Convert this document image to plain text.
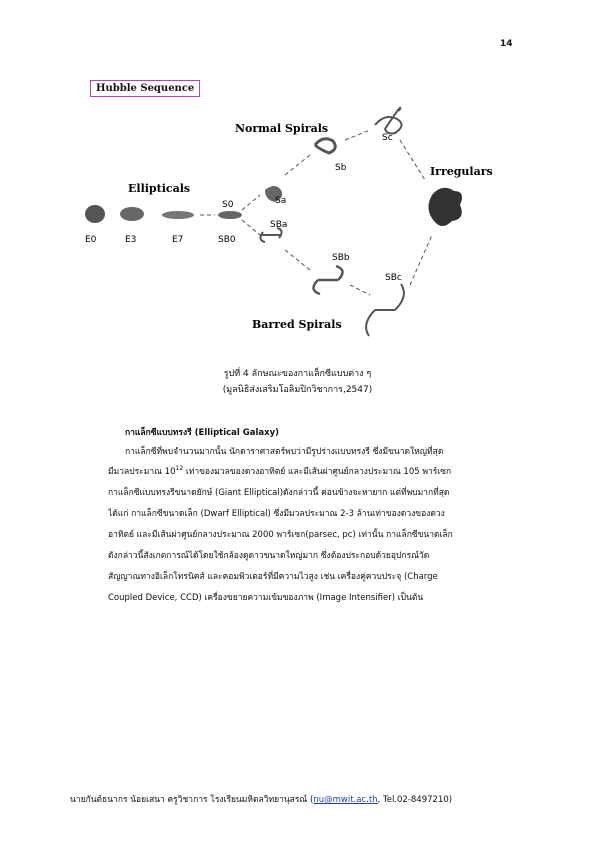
14
Hubble Sequence
Ellipticals
Normal Spirals
Barred Spirals
Irregulars
E0	E3	E7
S0
SB0
Sa
Sb
Sc
SBa
SBb
SBc
รูปที่ 4 ลักษณะของกาแล็กซีแบบต่าง ๆ
(มูลนิธิส่งเสริมโอลิมปิกวิชาการ,2547)
กาแล็กซีแบบทรงรี (Elliptical Galaxy)
กาแล็กซีที่พบจำนวนมากนั้น นักดาราศาสตร์พบว่ามีรูปร่างแบบทรงรี ซึ่งมีขนาดใหญ่ที่สุด
มีมวลประมาณ $10^{12}$ เท่าของมวลของดวงอาทิตย์ และมีเส้นผ่าศูนย์กลางประมาณ 105 พาร์เซก
กาแล็กซีแบบทรงรีขนาดยักษ์ (Giant Elliptical)ดังกล่าวนี้ ค่อนข้างจะหายาก แต่ที่พบมากที่สุด
ได้แก่ กาแล็กซีขนาดเล็ก (Dwarf Elliptical) ซึ่งมีมวลประมาณ 2-3 ล้านเท่าของดวงของดวง
อาทิตย์ และมีเส้นผ่าศูนย์กลางประมาณ 2000 พาร์เซก(parsec, pc) เท่านั้น กาแล็กซีขนาดเล็ก
ดังกล่าวนี้สังเกตการณ์ได้โดยใช้กล้องดูดาวขนาดใหญ่มาก ซึ่งต้องประกอบด้วยอุปกรณ์วัด
สัญญาณทางอิเล็กโทรนิคส์ และคอมพิวเตอร์ที่มีความไวสูง เช่น เครื่องคู่ควบประจุ (Charge
Coupled Device, CCD) เครื่องขยายความเข้มของภาพ (Image Intensifier) เป็นต้น
นายกันต์ธนากร น้อยเสนา ครูวิชาการ โรงเรียนมหิดลวิทยานุสรณ์ (nu@mwit.ac.th, Tel.02-8497210)
